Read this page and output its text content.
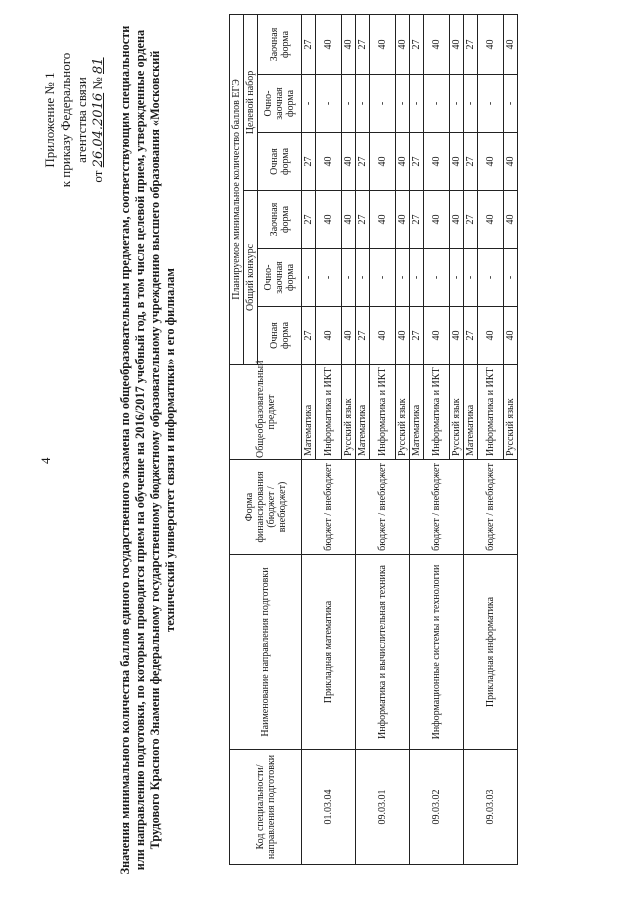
4
Приложение № 1 к приказу Федерального агентства связи
от 26.04.2016 № 81 Значения минимального количества баллов единого государственного экзамена по общеобразовательным предметам, соответствующим специальности или направлению подготовки, по которым проводится прием на обучение на 2016/2017 учебный год, в том числе целевой прием, утвержденные ордена Трудового Красного Знамени федеральному государственному бюджетному образовательному учреждению высшего образования «Московский технический университет связи и информатики» и его филиалам
Код специальности/ направления подготовки	Наименование направления подготовки	Форма финансирования (бюджет / внебюджет)	Общеобразовательный предмет	Планируемое минимальное количество баллов ЕГЭ					
				Общий конкурс			Целевой набор		
				Очная форма	Очно-заочная форма	Заочная форма	Очная форма	Очно-заочная форма	Заочная форма
01.03.04	Прикладная математика	бюджет / внебюджет	Математика	27	-	27	27	-	27
			Информатика и ИКТ	40	-	40	40	-	40
			Русский язык	40	-	40	40	-	40
09.03.01	Информатика и вычислительная техника	бюджет / внебюджет	Математика	27	-	27	27	-	27
			Информатика и ИКТ	40	-	40	40	-	40
			Русский язык	40	-	40	40	-	40
09.03.02	Информационные системы и технологии	бюджет / внебюджет	Математика	27	-	27	27	-	27
			Информатика и ИКТ	40	-	40	40	-	40
			Русский язык	40	-	40	40	-	40
09.03.03	Прикладная информатика	бюджет / внебюджет	Математика	27	-	27	27	-	27
			Информатика и ИКТ	40	-	40	40	-	40
			Русский язык	40	-	40	40	-	40
